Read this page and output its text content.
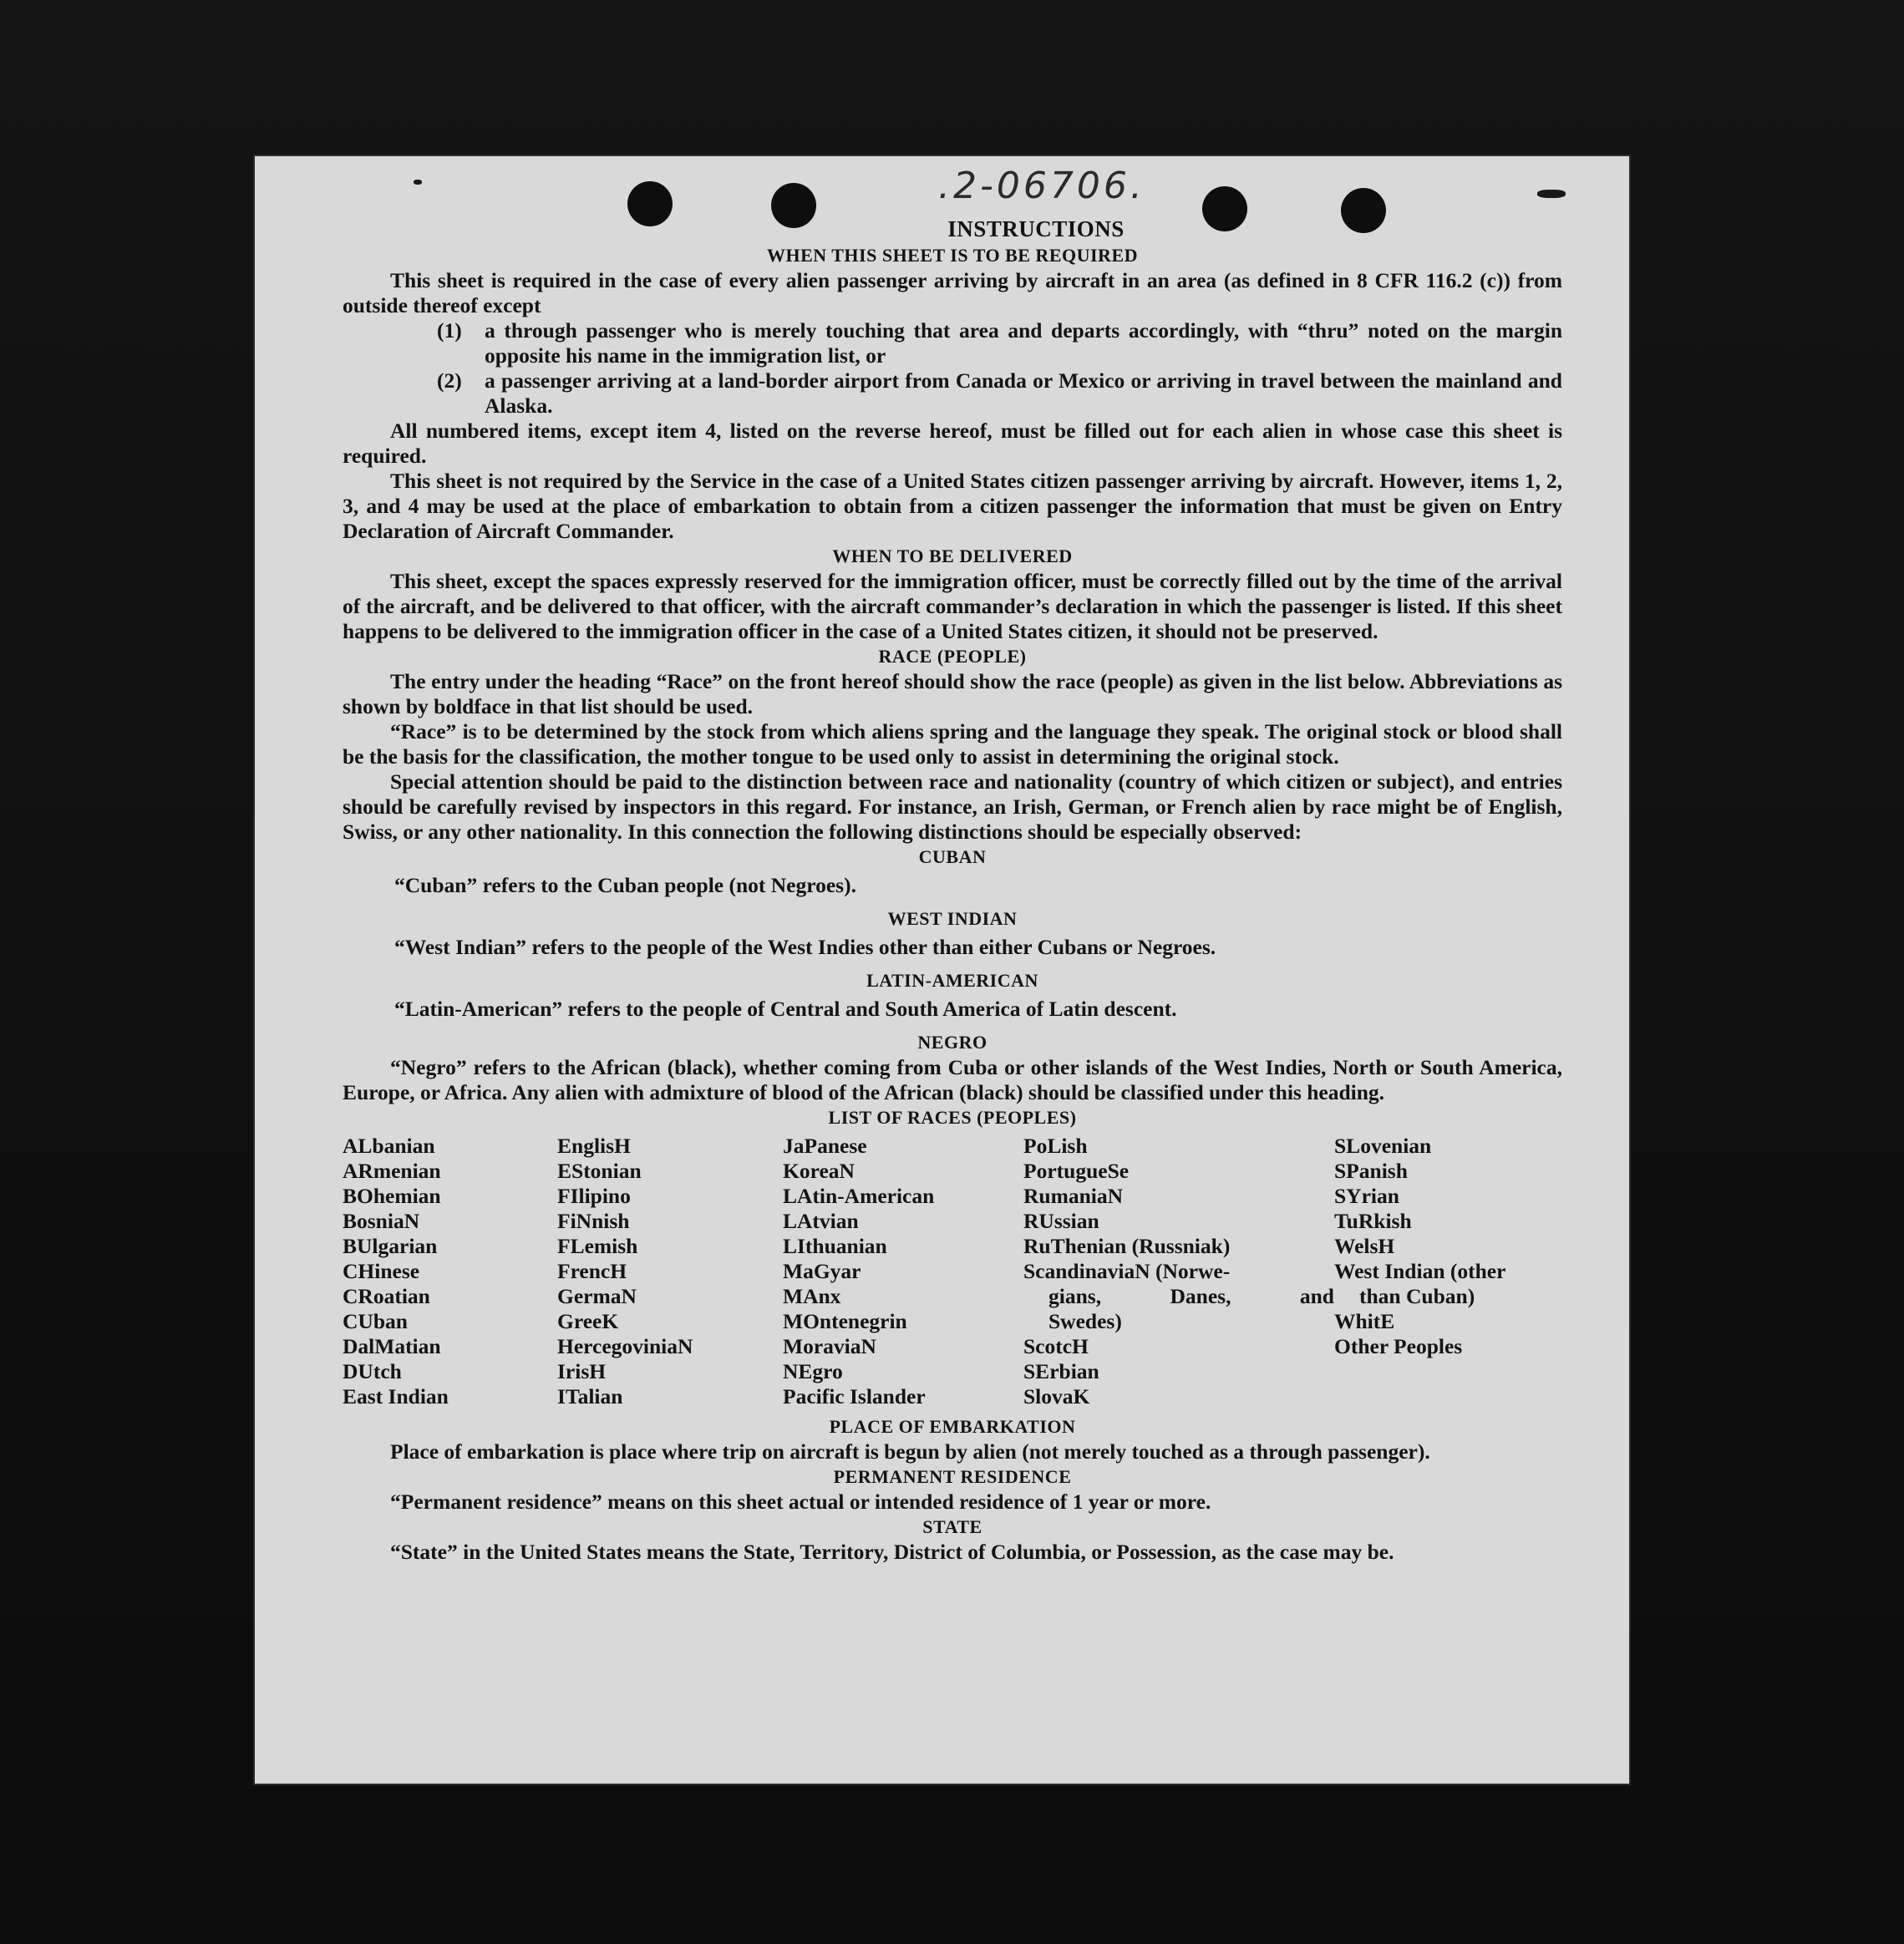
.2-06706.
INSTRUCTIONS
WHEN THIS SHEET IS TO BE REQUIRED

This sheet is required in the case of every alien passenger arriving by aircraft in an area (as defined in 8 CFR 116.2 (c)) from outside thereof except

(1)	a through passenger who is merely touching that area and departs accordingly, with “thru” noted on the margin opposite his name in the immigration list, or
(2)	a passenger arriving at a land-border airport from Canada or Mexico or arriving in travel between the mainland and Alaska.

All numbered items, except item 4, listed on the reverse hereof, must be filled out for each alien in whose case this sheet is required.

This sheet is not required by the Service in the case of a United States citizen passenger arriving by aircraft. However, items 1, 2, 3, and 4 may be used at the place of embarkation to obtain from a citizen passenger the information that must be given on Entry Declaration of Aircraft Commander.

WHEN TO BE DELIVERED

This sheet, except the spaces expressly reserved for the immigration officer, must be correctly filled out by the time of the arrival of the aircraft, and be delivered to that officer, with the aircraft commander’s declaration in which the passenger is listed. If this sheet happens to be delivered to the immigration officer in the case of a United States citizen, it should not be preserved.

RACE (PEOPLE)

The entry under the heading “Race” on the front hereof should show the race (people) as given in the list below. Abbreviations as shown by boldface in that list should be used.

“Race” is to be determined by the stock from which aliens spring and the language they speak. The original stock or blood shall be the basis for the classification, the mother tongue to be used only to assist in determining the original stock.

Special attention should be paid to the distinction between race and nationality (country of which citizen or subject), and entries should be carefully revised by inspectors in this regard. For instance, an Irish, German, or French alien by race might be of English, Swiss, or any other nationality. In this connection the following distinctions should be especially observed:

CUBAN

“Cuban” refers to the Cuban people (not Negroes).

WEST INDIAN

“West Indian” refers to the people of the West Indies other than either Cubans or Negroes.

LATIN-AMERICAN

“Latin-American” refers to the people of Central and South America of Latin descent.

NEGRO

“Negro” refers to the African (black), whether coming from Cuba or other islands of the West Indies, North or South America, Europe, or Africa. Any alien with admixture of blood of the African (black) should be classified under this heading.

LIST OF RACES (PEOPLES)
ALbanian
ARmenian
BOhemian
BosniaN
BUlgarian
CHinese
CRoatian
CUban
DalMatian
DUtch
East Indian
EnglisH
EStonian
FIlipino
FiNnish
FLemish
FrencH
GermaN
GreeK
HercegoviniaN
IrisH
ITalian
JaPanese
KoreaN
LAtin-American
LAtvian
LIthuanian
MaGyar
MAnx
MOntenegrin
MoraviaN
NEgro
Pacific Islander
PoLish
PortugueSe
RumaniaN
RUssian
RuThenian (Russniak)
ScandinaviaN (Norwe-
gians, Danes, and
Swedes)
ScotcH
SErbian
SlovaK
SLovenian
SPanish
SYrian
TuRkish
WelsH
West Indian (other
than Cuban)
WhitE
Other Peoples
PLACE OF EMBARKATION

Place of embarkation is place where trip on aircraft is begun by alien (not merely touched as a through passenger).

PERMANENT RESIDENCE

“Permanent residence” means on this sheet actual or intended residence of 1 year or more.

STATE

“State” in the United States means the State, Territory, District of Columbia, or Possession, as the case may be.
